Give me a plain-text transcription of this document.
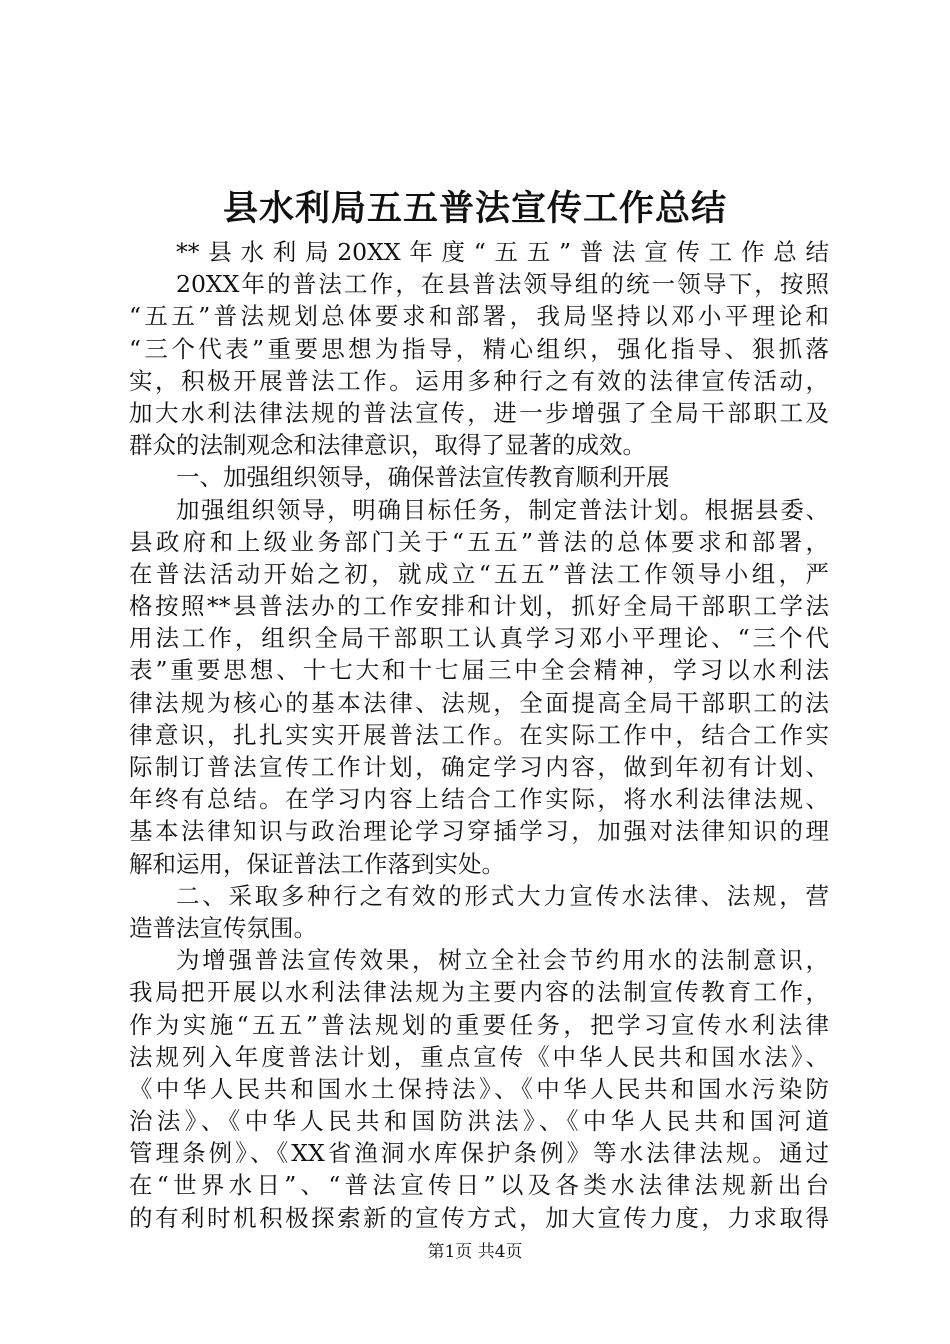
县水利局五五普法宣传工作总结
**县水利局20XX年度“五五”普法宣传工作总结
20XX年的普法工作，在县普法领导组的统一领导下，按照
“五五”普法规划总体要求和部署，我局坚持以邓小平理论和
“三个代表”重要思想为指导，精心组织，强化指导、狠抓落
实，积极开展普法工作。运用多种行之有效的法律宣传活动，
加大水利法律法规的普法宣传，进一步增强了全局干部职工及
群众的法制观念和法律意识，取得了显著的成效。
一、加强组织领导，确保普法宣传教育顺利开展
加强组织领导，明确目标任务，制定普法计划。根据县委、
县政府和上级业务部门关于“五五”普法的总体要求和部署，
在普法活动开始之初，就成立“五五”普法工作领导小组，严
格按照**县普法办的工作安排和计划，抓好全局干部职工学法
用法工作，组织全局干部职工认真学习邓小平理论、“三个代
表”重要思想、十七大和十七届三中全会精神，学习以水利法
律法规为核心的基本法律、法规，全面提高全局干部职工的法
律意识，扎扎实实开展普法工作。在实际工作中，结合工作实
际制订普法宣传工作计划，确定学习内容，做到年初有计划、
年终有总结。在学习内容上结合工作实际，将水利法律法规、
基本法律知识与政治理论学习穿插学习，加强对法律知识的理
解和运用，保证普法工作落到实处。
二、采取多种行之有效的形式大力宣传水法律、法规，营
造普法宣传氛围。
为增强普法宣传效果，树立全社会节约用水的法制意识，
我局把开展以水利法律法规为主要内容的法制宣传教育工作，
作为实施“五五”普法规划的重要任务，把学习宣传水利法律
法规列入年度普法计划，重点宣传《中华人民共和国水法》、
《中华人民共和国水土保持法》、《中华人民共和国水污染防
治法》、《中华人民共和国防洪法》、《中华人民共和国河道
管理条例》、《XX省渔洞水库保护条例》等水法律法规。通过
在“世界水日”、“普法宣传日”以及各类水法律法规新出台
的有利时机积极探索新的宣传方式，加大宣传力度，力求取得
第1页 共4页
